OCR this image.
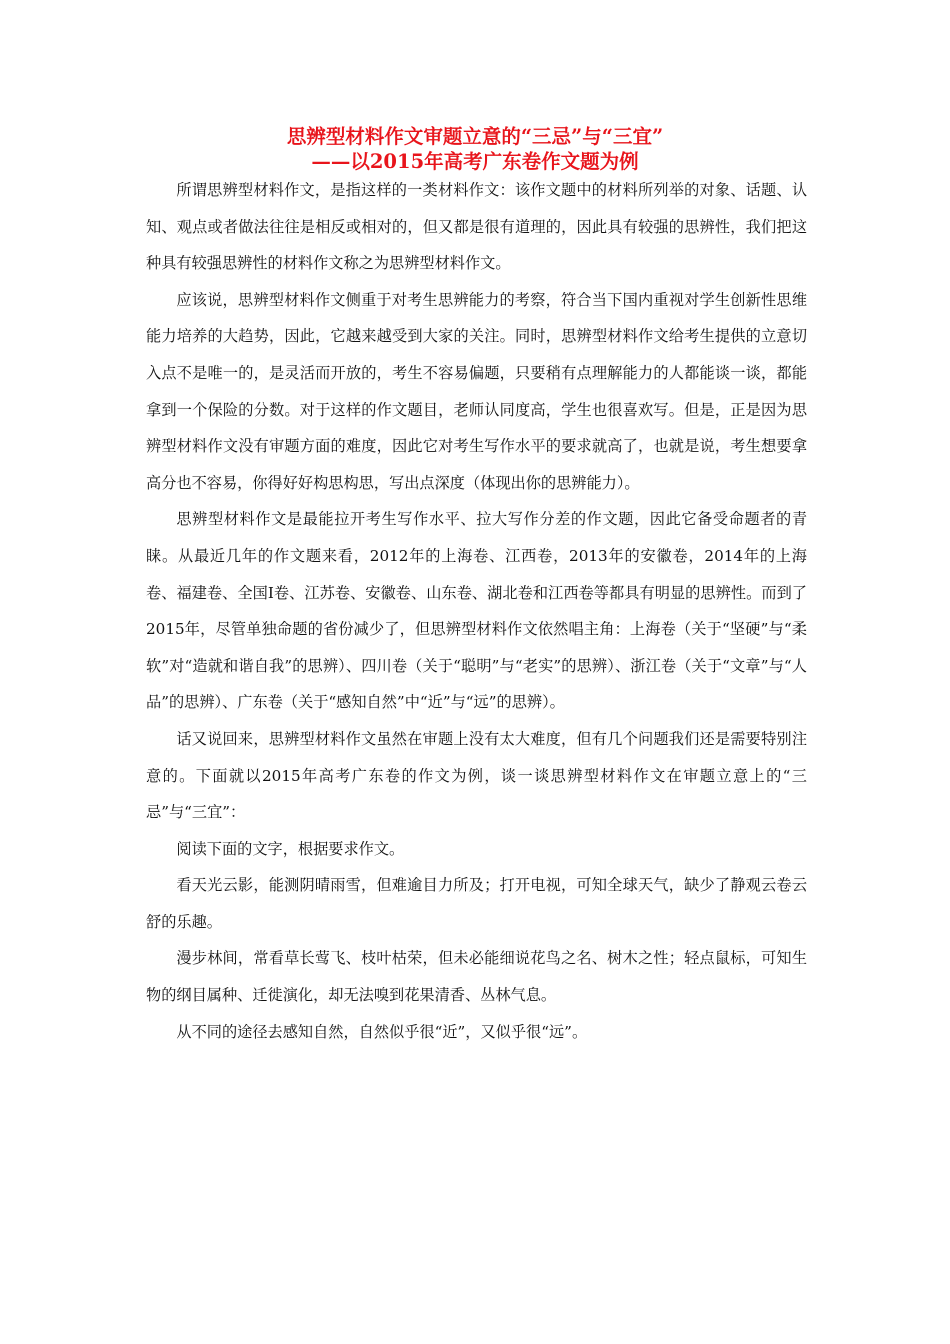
思辨型材料作文审题立意的“三忌”与“三宜”
——以2015年高考广东卷作文题为例

所谓思辨型材料作文，是指这样的一类材料作文：该作文题中的材料所列举的对象、话题、认知、观点或者做法往往是相反或相对的，但又都是很有道理的，因此具有较强的思辨性，我们把这种具有较强思辨性的材料作文称之为思辨型材料作文。

应该说，思辨型材料作文侧重于对考生思辨能力的考察，符合当下国内重视对学生创新性思维能力培养的大趋势，因此，它越来越受到大家的关注。同时，思辨型材料作文给考生提供的立意切入点不是唯一的，是灵活而开放的，考生不容易偏题，只要稍有点理解能力的人都能谈一谈，都能拿到一个保险的分数。对于这样的作文题目，老师认同度高，学生也很喜欢写。但是，正是因为思辨型材料作文没有审题方面的难度，因此它对考生写作水平的要求就高了，也就是说，考生想要拿高分也不容易，你得好好构思构思，写出点深度（体现出你的思辨能力）。

思辨型材料作文是最能拉开考生写作水平、拉大写作分差的作文题，因此它备受命题者的青睐。从最近几年的作文题来看，2012年的上海卷、江西卷，2013年的安徽卷，2014年的上海卷、福建卷、全国Ⅰ卷、江苏卷、安徽卷、山东卷、湖北卷和江西卷等都具有明显的思辨性。而到了2015年，尽管单独命题的省份减少了，但思辨型材料作文依然唱主角：上海卷（关于“坚硬”与“柔软”对“造就和谐自我”的思辨）、四川卷（关于“聪明”与“老实”的思辨）、浙江卷（关于“文章”与“人品”的思辨）、广东卷（关于“感知自然”中“近”与“远”的思辨）。

话又说回来，思辨型材料作文虽然在审题上没有太大难度，但有几个问题我们还是需要特别注意的。下面就以2015年高考广东卷的作文为例，谈一谈思辨型材料作文在审题立意上的“三忌”与“三宜”：

阅读下面的文字，根据要求作文。

看天光云影，能测阴晴雨雪，但难逾目力所及；打开电视，可知全球天气，缺少了静观云卷云舒的乐趣。

漫步林间，常看草长莺飞、枝叶枯荣，但未必能细说花鸟之名、树木之性；轻点鼠标，可知生物的纲目属种、迁徙演化，却无法嗅到花果清香、丛林气息。

从不同的途径去感知自然，自然似乎很“近”，又似乎很“远”。
